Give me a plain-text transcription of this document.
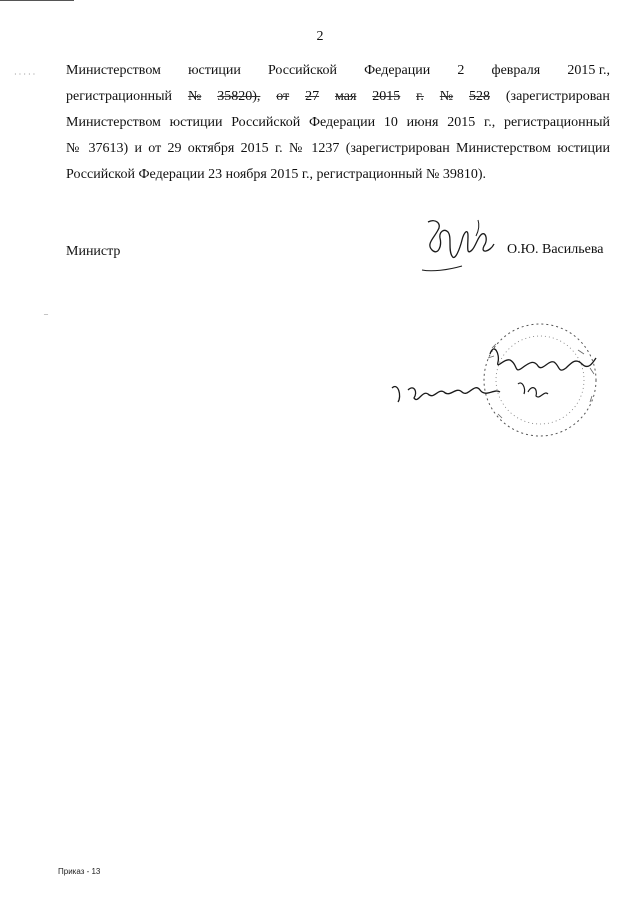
2
Министерством юстиции Российской Федерации 2 февраля 2015 г.,
регистрационный № 35820), от 27 мая 2015 г. № 528 (зарегистрирован
Министерством юстиции Российской Федерации 10 июня 2015 г., регистрационный
№ 37613) и от 29 октября 2015 г. № 1237 (зарегистрирован Министерством юстиции
Российской Федерации 23 ноября 2015 г., регистрационный № 39810).
Министр	О.Ю. Васильева
· · · · ·
–
Приказ - 13
